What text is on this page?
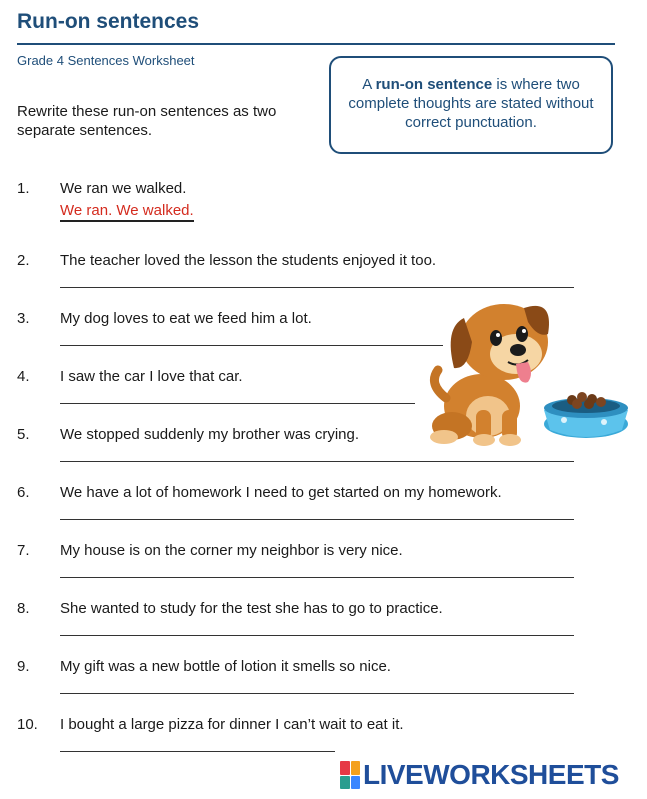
Run-on sentences
Grade 4 Sentences Worksheet
Rewrite these run-on sentences as two separate sentences.
A run-on sentence is where two complete thoughts are stated without correct punctuation.
1. We ran we walked.
We ran. We walked.
2. The teacher loved the lesson the students enjoyed it too.
3. My dog loves to eat we feed him a lot.
4. I saw the car I love that car.
5. We stopped suddenly my brother was crying.
6. We have a lot of homework I need to get started on my homework.
7. My house is on the corner my neighbor is very nice.
8. She wanted to study for the test she has to go to practice.
9. My gift was a new bottle of lotion it smells so nice.
10. I bought a large pizza for dinner I can’t wait to eat it.
LIVEWORKSHEETS
